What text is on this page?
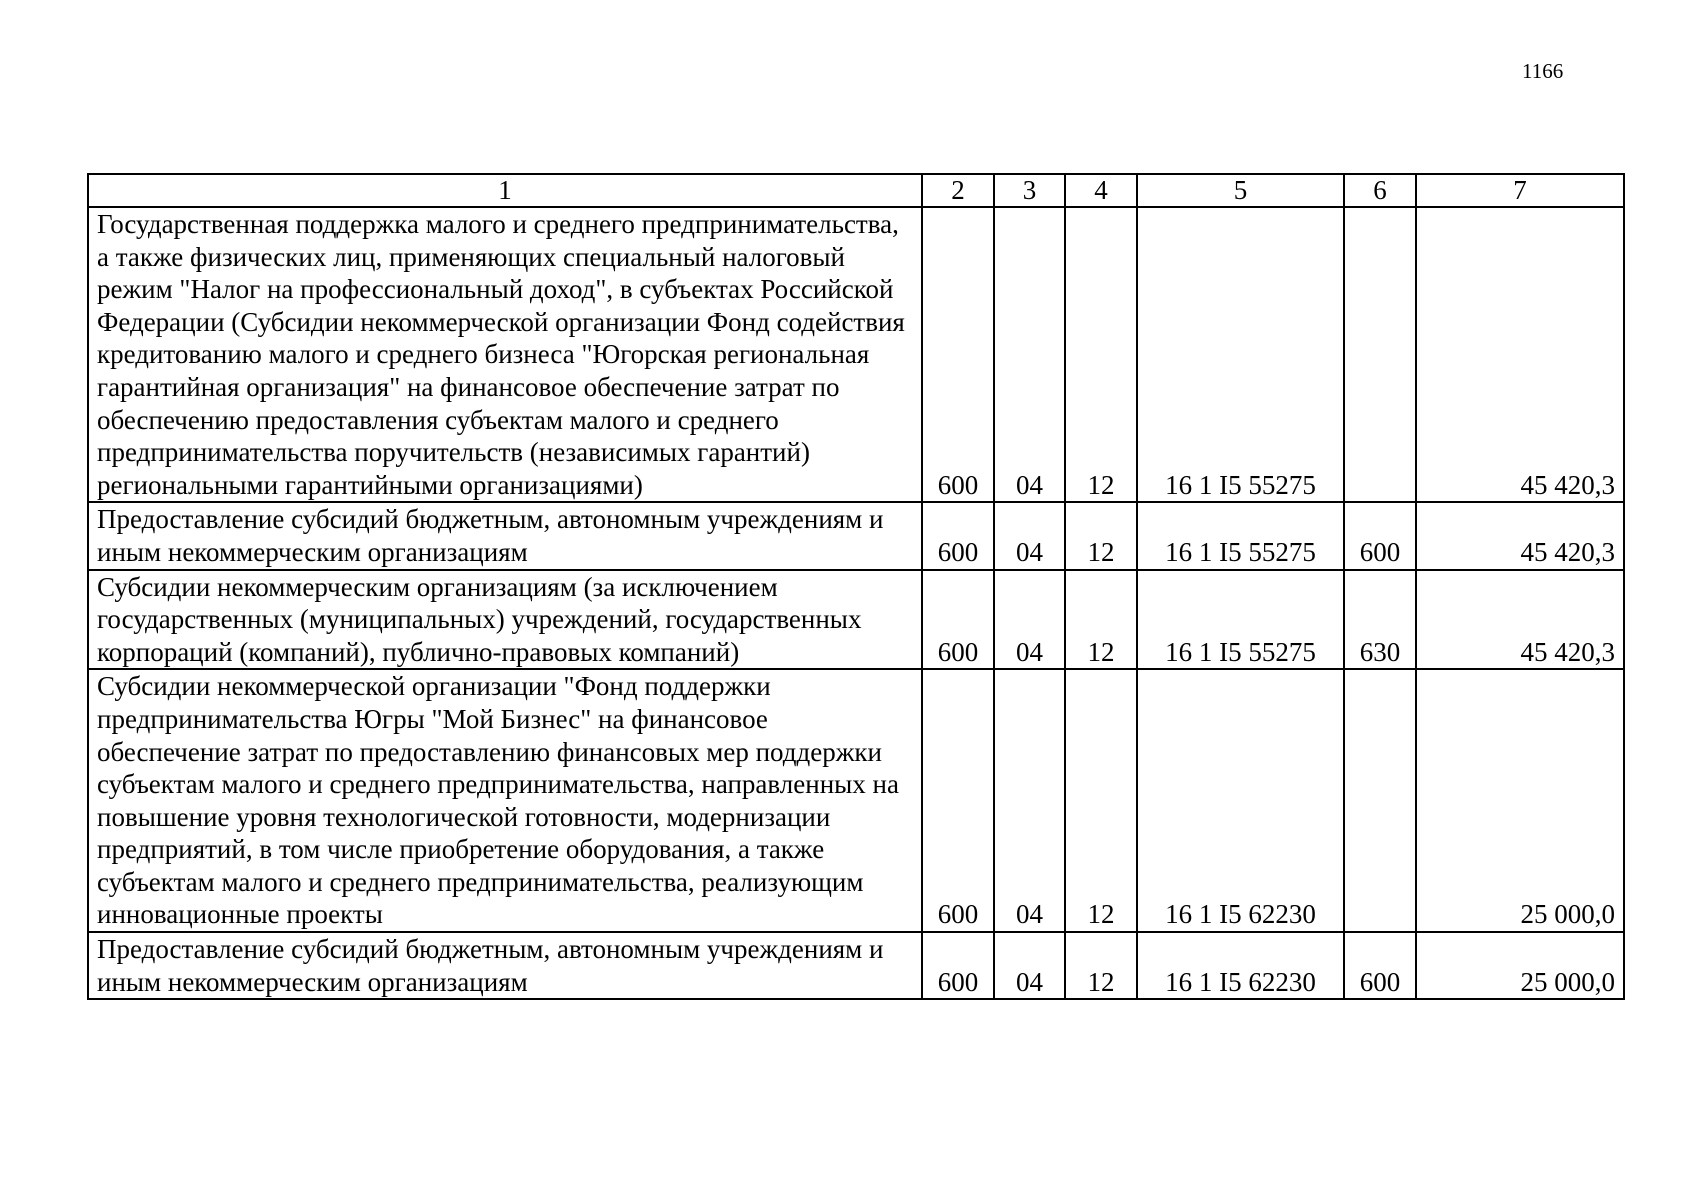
1166
1	2	3	4	5	6	7
Государственная поддержка малого и среднего предпринимательства, а также физических лиц, применяющих специальный налоговый режим "Налог на профессиональный доход", в субъектах Российской Федерации (Субсидии некоммерческой организации Фонд содействия кредитованию малого и среднего бизнеса "Югорская региональная гарантийная организация" на финансовое обеспечение затрат по обеспечению предоставления субъектам малого и среднего предпринимательства поручительств (независимых гарантий) региональными гарантийными организациями)	600	04	12	16 1 I5 55275		45 420,3
Предоставление субсидий бюджетным, автономным учреждениям и иным некоммерческим организациям	600	04	12	16 1 I5 55275	600	45 420,3
Субсидии некоммерческим организациям (за исключением государственных (муниципальных) учреждений, государственных корпораций (компаний), публично-правовых компаний)	600	04	12	16 1 I5 55275	630	45 420,3
Субсидии некоммерческой организации "Фонд поддержки предпринимательства Югры "Мой Бизнес" на финансовое обеспечение затрат по предоставлению финансовых мер поддержки субъектам малого и среднего предпринимательства, направленных на повышение уровня технологической готовности, модернизации предприятий, в том числе приобретение оборудования, а также субъектам малого и среднего предпринимательства, реализующим инновационные проекты	600	04	12	16 1 I5 62230		25 000,0
Предоставление субсидий бюджетным, автономным учреждениям и иным некоммерческим организациям	600	04	12	16 1 I5 62230	600	25 000,0
